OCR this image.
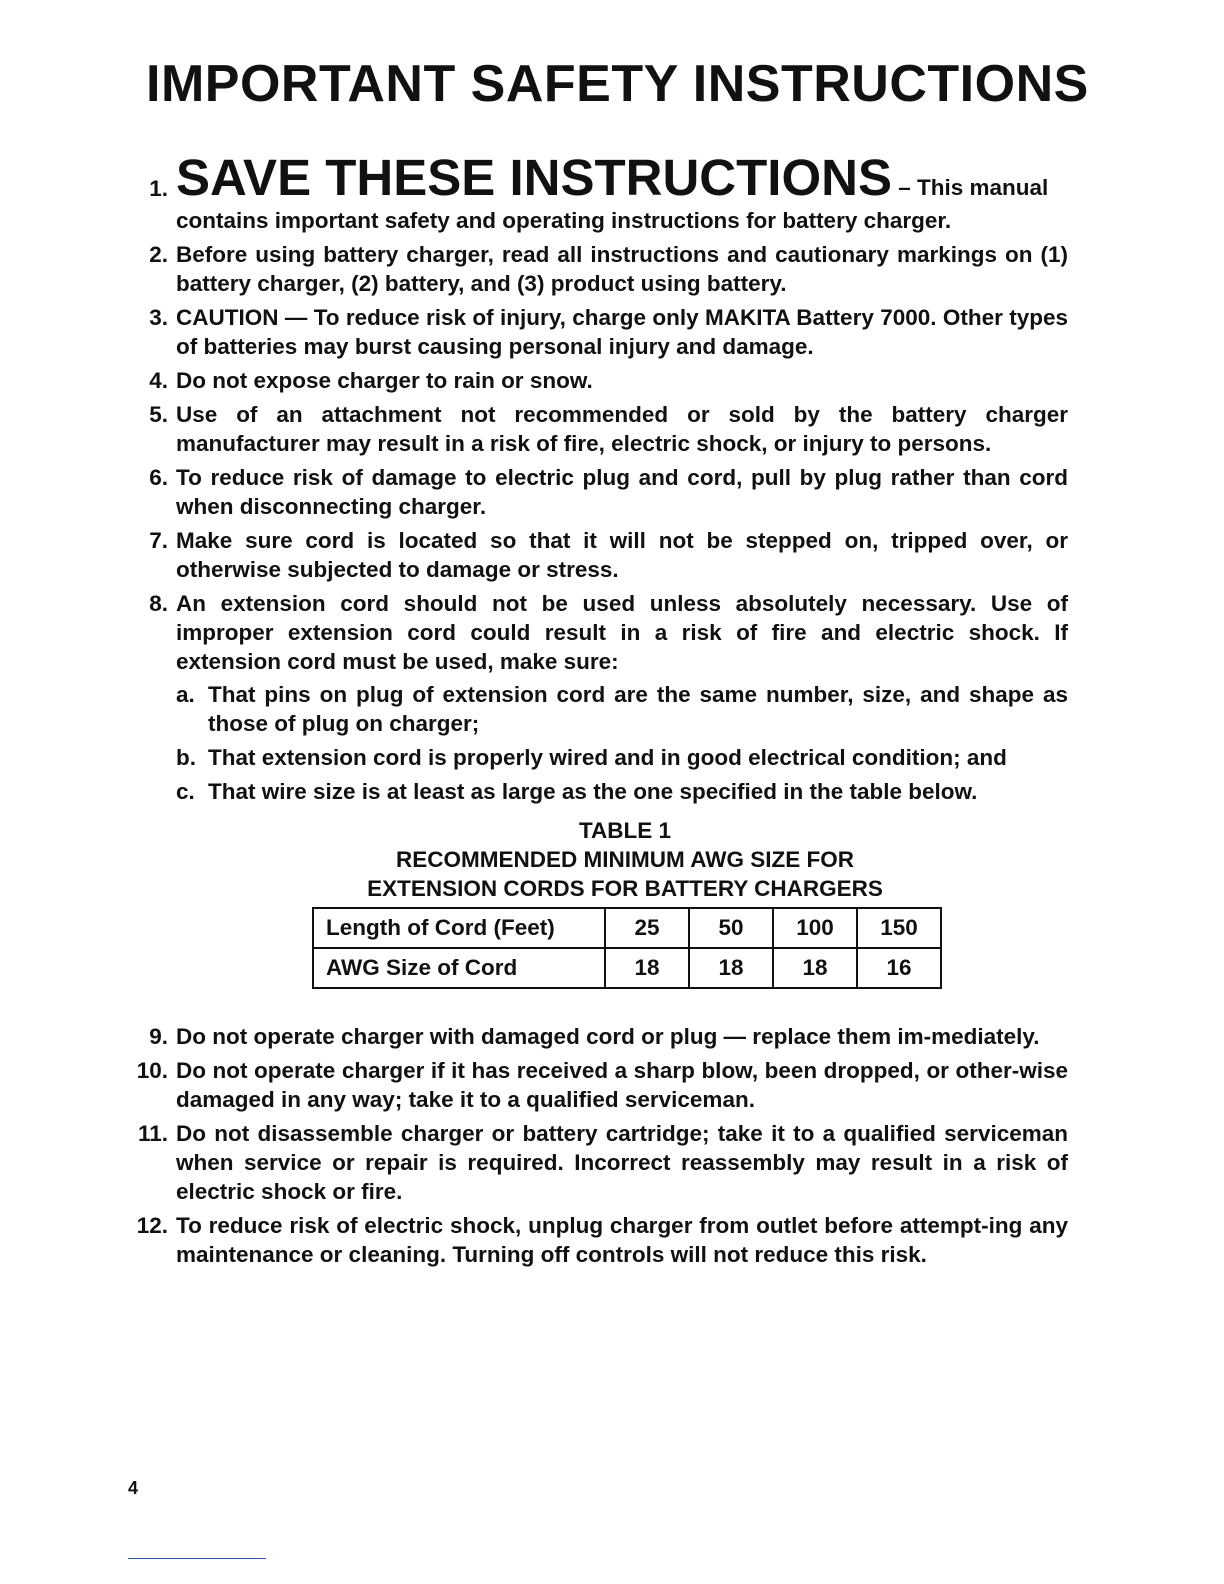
IMPORTANT SAFETY INSTRUCTIONS
1. SAVE THESE INSTRUCTIONS – This manual
contains important safety and operating instructions for battery charger.
2. Before using battery charger, read all instructions and cautionary markings on (1) battery charger, (2) battery, and (3) product using battery.
3. CAUTION — To reduce risk of injury, charge only MAKITA Battery 7000. Other types of batteries may burst causing personal injury and damage.
4. Do not expose charger to rain or snow.
5. Use of an attachment not recommended or sold by the battery charger manufacturer may result in a risk of fire, electric shock, or injury to persons.
6. To reduce risk of damage to electric plug and cord, pull by plug rather than cord when disconnecting charger.
7. Make sure cord is located so that it will not be stepped on, tripped over, or otherwise subjected to damage or stress.
8. An extension cord should not be used unless absolutely necessary. Use of improper extension cord could result in a risk of fire and electric shock. If extension cord must be used, make sure:
a. That pins on plug of extension cord are the same number, size, and shape as those of plug on charger;
b. That extension cord is properly wired and in good electrical condition; and
c. That wire size is at least as large as the one specified in the table below.
TABLE 1
RECOMMENDED MINIMUM AWG SIZE FOR
EXTENSION CORDS FOR BATTERY CHARGERS
Length of Cord (Feet)	25	50	100	150
AWG Size of Cord	18	18	18	16
9. Do not operate charger with damaged cord or plug — replace them im-mediately.
10. Do not operate charger if it has received a sharp blow, been dropped, or other-wise damaged in any way; take it to a qualified serviceman.
11. Do not disassemble charger or battery cartridge; take it to a qualified serviceman when service or repair is required. Incorrect reassembly may result in a risk of electric shock or fire.
12. To reduce risk of electric shock, unplug charger from outlet before attempt-ing any maintenance or cleaning. Turning off controls will not reduce this risk.
4
